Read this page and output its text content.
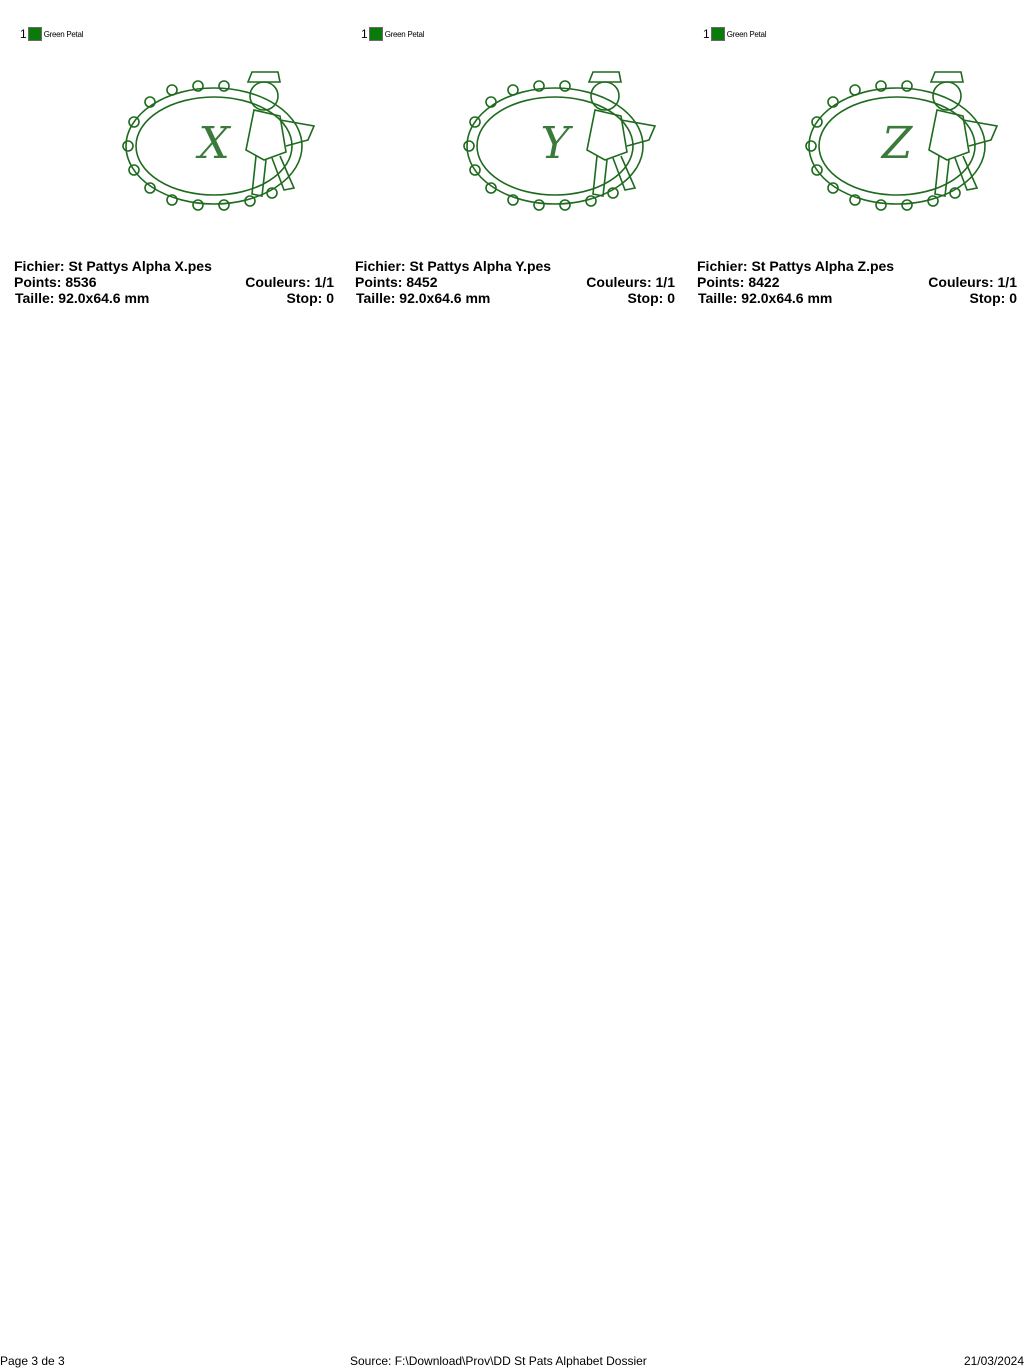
1 Green Petal
X
Fichier: St Pattys Alpha X.pes
Points: 8536	Couleurs: 1/1
Taille: 92.0x64.6 mm	Stop: 0
1 Green Petal
Y
Fichier: St Pattys Alpha Y.pes
Points: 8452	Couleurs: 1/1
Taille: 92.0x64.6 mm	Stop: 0
1 Green Petal
Z
Fichier: St Pattys Alpha Z.pes
Points: 8422	Couleurs: 1/1
Taille: 92.0x64.6 mm	Stop: 0
Page 3 de 3	Source: F:\Download\Prov\DD St Pats Alphabet Dossier	21/03/2024
